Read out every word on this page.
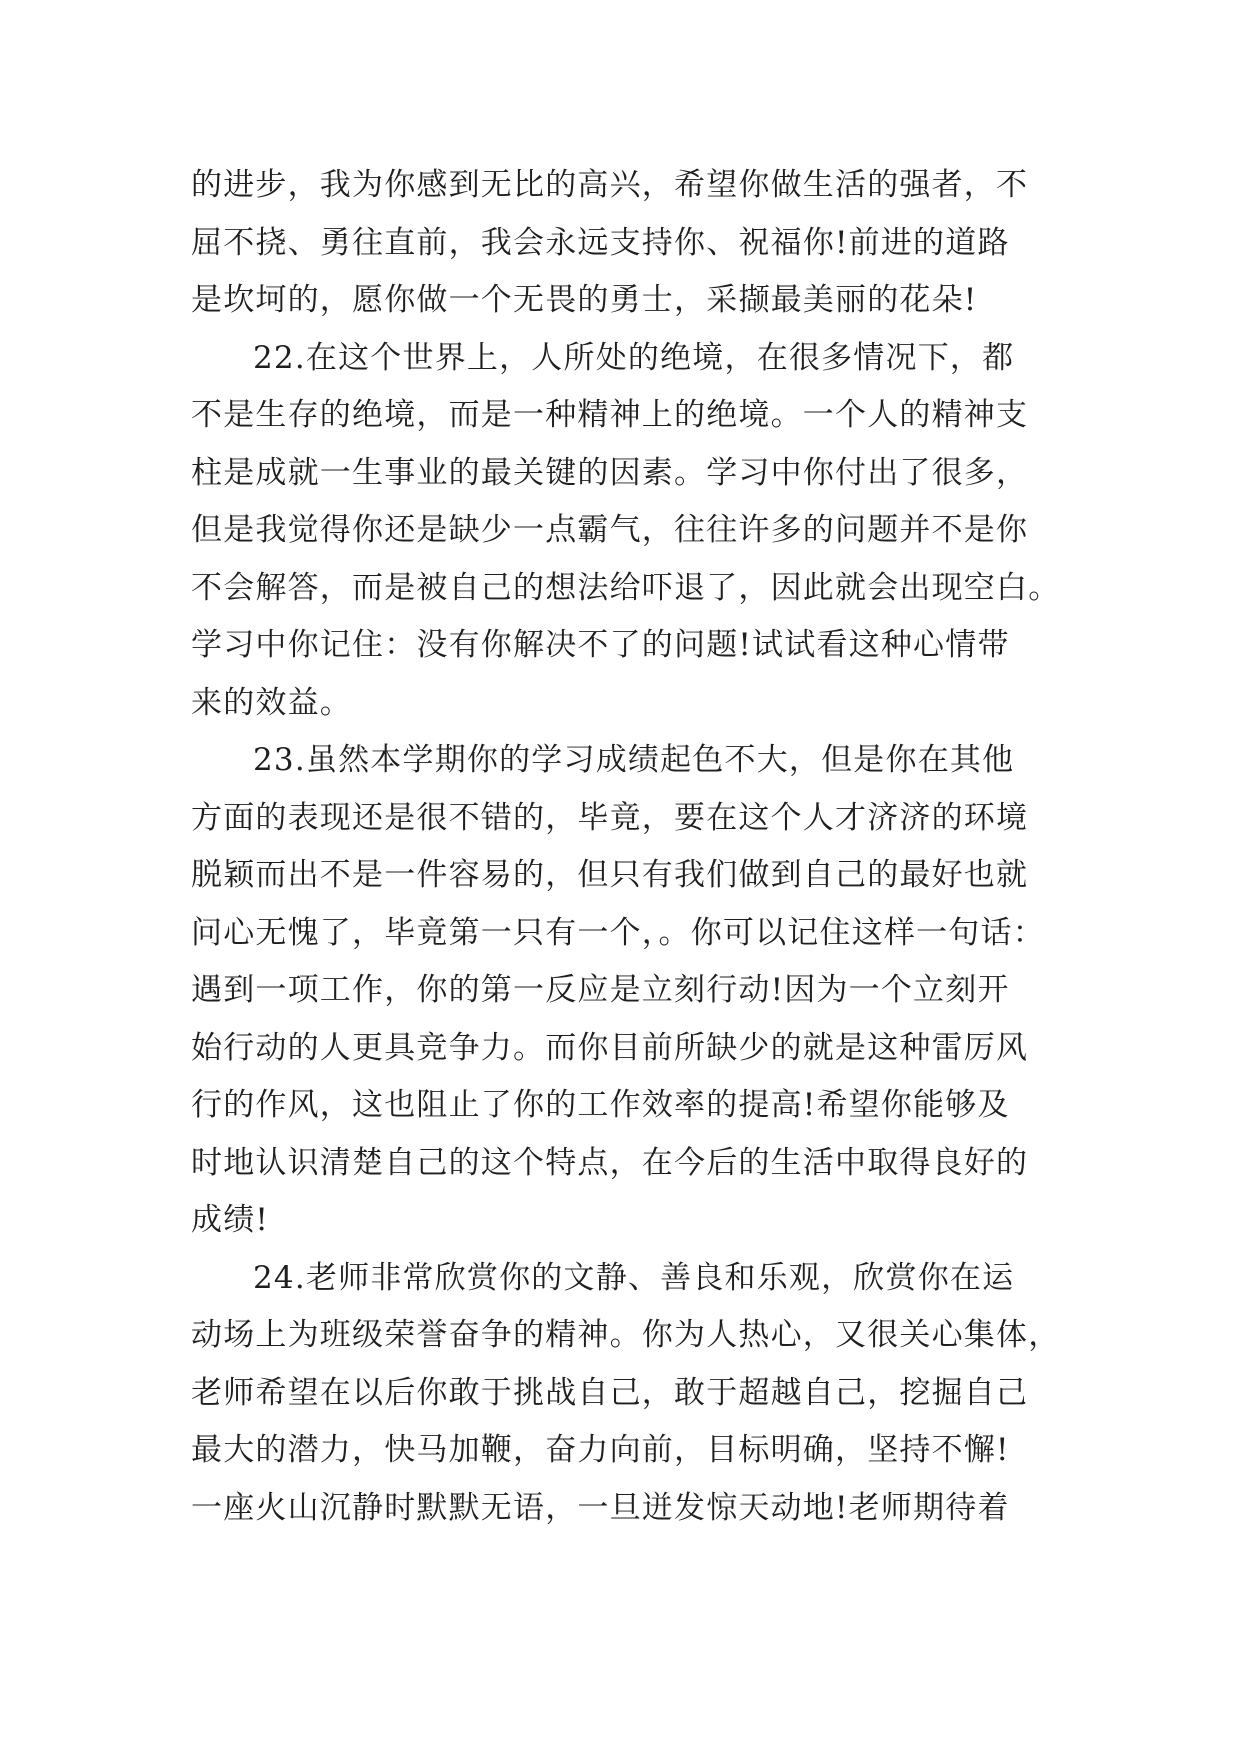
的进步，我为你感到无比的高兴，希望你做生活的强者，不
屈不挠、勇往直前，我会永远支持你、祝福你!前进的道路
是坎坷的，愿你做一个无畏的勇士，采撷最美丽的花朵!
22.在这个世界上，人所处的绝境，在很多情况下，都
不是生存的绝境，而是一种精神上的绝境。一个人的精神支
柱是成就一生事业的最关键的因素。学习中你付出了很多，
但是我觉得你还是缺少一点霸气，往往许多的问题并不是你
不会解答，而是被自己的想法给吓退了，因此就会出现空白。
学习中你记住：没有你解决不了的问题!试试看这种心情带
来的效益。
23.虽然本学期你的学习成绩起色不大，但是你在其他
方面的表现还是很不错的，毕竟，要在这个人才济济的环境
脱颖而出不是一件容易的，但只有我们做到自己的最好也就
问心无愧了，毕竟第一只有一个，。你可以记住这样一句话：
遇到一项工作，你的第一反应是立刻行动!因为一个立刻开
始行动的人更具竞争力。而你目前所缺少的就是这种雷厉风
行的作风，这也阻止了你的工作效率的提高!希望你能够及
时地认识清楚自己的这个特点，在今后的生活中取得良好的
成绩!
24.老师非常欣赏你的文静、善良和乐观，欣赏你在运
动场上为班级荣誉奋争的精神。你为人热心，又很关心集体，
老师希望在以后你敢于挑战自己，敢于超越自己，挖掘自己
最大的潜力，快马加鞭，奋力向前，目标明确，坚持不懈!
一座火山沉静时默默无语，一旦迸发惊天动地!老师期待着
